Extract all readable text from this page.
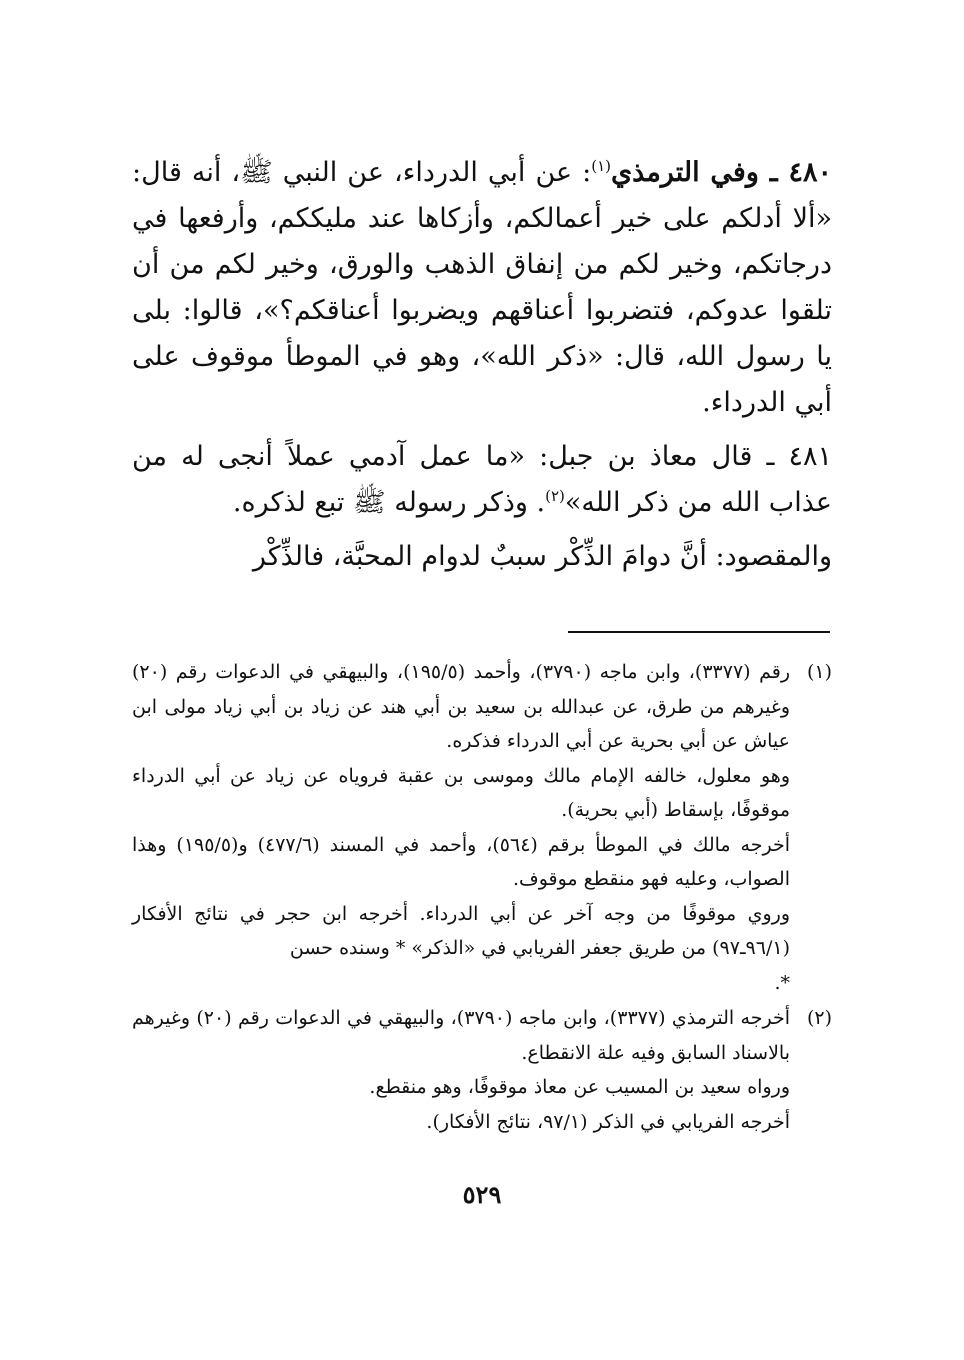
٤٨٠ ـ وفي الترمذي$^{(١)}$: عن أبي الدرداء، عن النبي ﷺ، أنه قال: «ألا أدلكم على خير أعمالكم، وأزكاها عند مليككم، وأرفعها في درجاتكم، وخير لكم من إنفاق الذهب والورق، وخير لكم من أن تلقوا عدوكم، فتضربوا أعناقهم ويضربوا أعناقكم؟»، قالوا: بلى يا رسول الله، قال: «ذكر الله»، وهو في الموطأ موقوف على أبي الدرداء.

٤٨١ ـ قال معاذ بن جبل: «ما عمل آدمي عملاً أنجى له من عذاب الله من ذكر الله»$^{(٢)}$. وذكر رسوله ﷺ تبع لذكره.

والمقصود: أنَّ دوامَ الذِّكْر سببٌ لدوام المحبَّة، فالذِّكْر

(١)

رقم (٣٣٧٧)، وابن ماجه (٣٧٩٠)، وأحمد (١٩٥/٥)، والبيهقي في الدعوات رقم (٢٠) وغيرهم من طرق، عن عبدالله بن سعيد بن أبي هند عن زياد بن أبي زياد مولى ابن عياش عن أبي بحرية عن أبي الدرداء فذكره.

وهو معلول، خالفه الإمام مالك وموسى بن عقبة فروياه عن زياد عن أبي الدرداء موقوفًا، بإسقاط (أبي بحرية).

أخرجه مالك في الموطأ برقم (٥٦٤)، وأحمد في المسند (٤٧٧/٦) و(١٩٥/٥) وهذا الصواب، وعليه فهو منقطع موقوف.

وروي موقوفًا من وجه آخر عن أبي الدرداء. أخرجه ابن حجر في نتائج الأفكار (٩٦/١ـ٩٧) من طريق جعفر الفريابي في «الذكر» * وسنده حسن

*.

(٢)

أخرجه الترمذي (٣٣٧٧)، وابن ماجه (٣٧٩٠)، والبيهقي في الدعوات رقم (٢٠) وغيرهم بالاسناد السابق وفيه علة الانقطاع.

ورواه سعيد بن المسيب عن معاذ موقوفًا، وهو منقطع.

أخرجه الفريابي في الذكر (٩٧/١، نتائج الأفكار).

٥٢٩
